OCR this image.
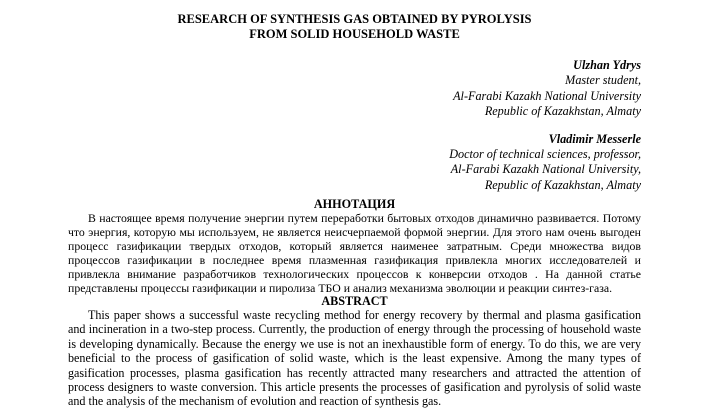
RESEARCH OF SYNTHESIS GAS OBTAINED BY PYROLYSIS
FROM SOLID HOUSEHOLD WASTE
Ulzhan Ydrys
Master student,
Al-Farabi Kazakh National University
Republic of Kazakhstan, Almaty
Vladimir Messerle
Doctor of technical sciences, professor,
Al-Farabi Kazakh National University,
Republic of Kazakhstan, Almaty
АННОТАЦИЯ

В настоящее время получение энергии путем переработки бытовых отходов динамично развивается. Потому что энергия, которую мы используем, не является неисчерпаемой формой энергии. Для этого нам очень выгоден процесс газификации твердых отходов, который является наименее затратным. Среди множества видов процессов газификации в последнее время плазменная газификация привлекла многих исследователей и привлекла внимание разработчиков технологических процессов к конверсии отходов . На данной статье представлены процессы газификации и пиролиза ТБО и анализ механизма эволюции и реакции синтез-газа.

ABSTRACT

This paper shows a successful waste recycling method for energy recovery by thermal and plasma gasification and incineration in a two-step process. Currently, the production of energy through the processing of household waste is developing dynamically. Because the energy we use is not an inexhaustible form of energy. To do this, we are very beneficial to the process of gasification of solid waste, which is the least expensive. Among the many types of gasification processes, plasma gasification has recently attracted many researchers and attracted the attention of process designers to waste conversion. This article presents the processes of gasification and pyrolysis of solid waste and the analysis of the mechanism of evolution and reaction of synthesis gas.
